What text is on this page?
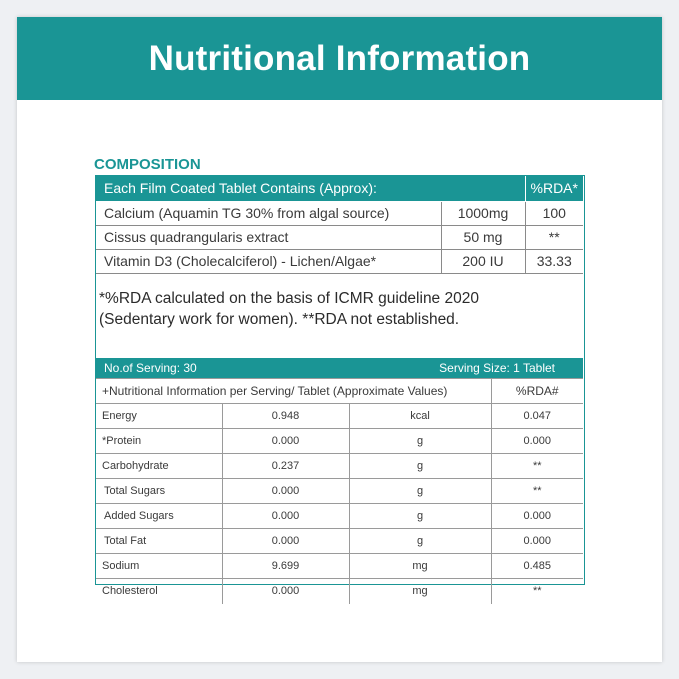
Nutritional Information
COMPOSITION
Each Film Coated Tablet Contains (Approx):		%RDA*
Calcium (Aquamin TG 30% from algal source)	1000mg	100
Cissus quadrangularis extract	50 mg	**
Vitamin D3 (Cholecalciferol) - Lichen/Algae*	200 IU	33.33
*%RDA calculated on the basis of ICMR guideline 2020
(Sedentary work for women). **RDA not established.
No.of Serving: 30	Serving Size: 1 Tablet
+Nutritional Information per Serving/ Tablet (Approximate Values)			%RDA#
Energy	0.948	kcal	0.047
*Protein	0.000	g	0.000
Carbohydrate	0.237	g	**
Total Sugars	0.000	g	**
Added Sugars	0.000	g	0.000
Total Fat	0.000	g	0.000
Sodium	9.699	mg	0.485
Cholesterol	0.000	mg	**
